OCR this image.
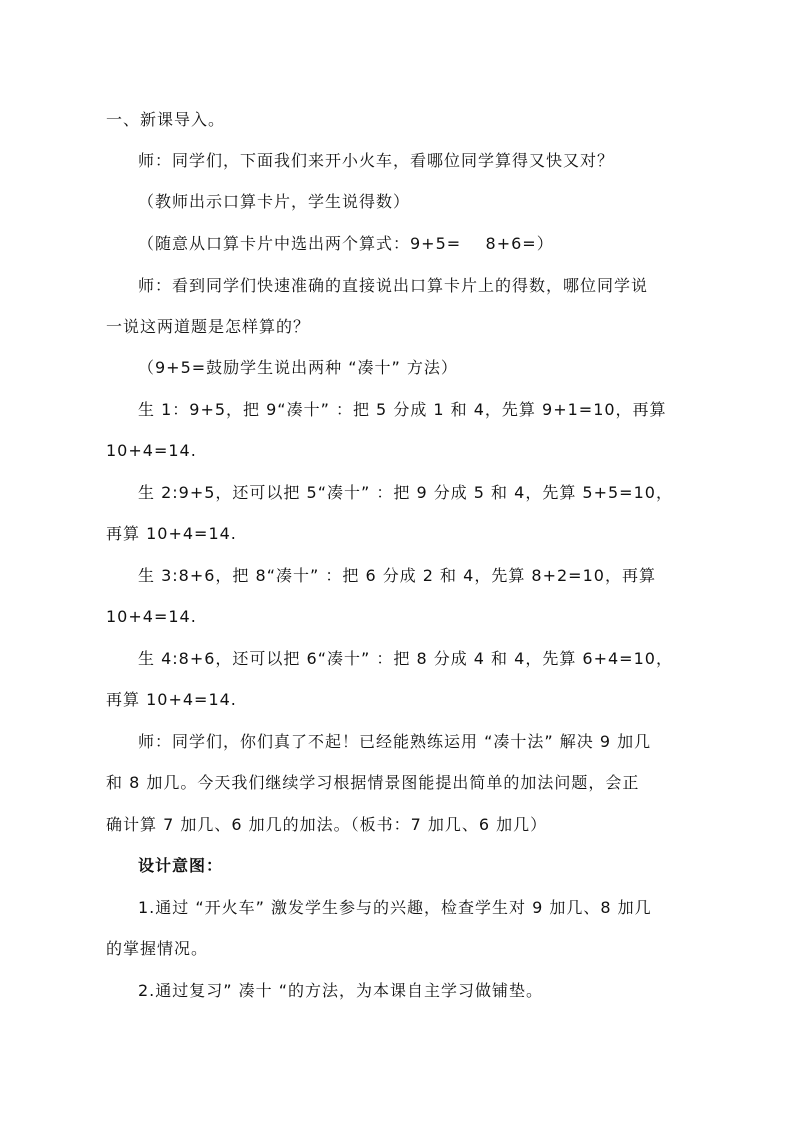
一、新课导入。
师：同学们，下面我们来开小火车，看哪位同学算得又快又对？
（教师出示口算卡片，学生说得数）
（随意从口算卡片中选出两个算式：9+5=    8+6=）
师：看到同学们快速准确的直接说出口算卡片上的得数，哪位同学说
一说这两道题是怎样算的？
（9+5=鼓励学生说出两种 “凑十” 方法）
生 1：9+5，把 9“凑十” ：把 5 分成 1 和 4，先算 9+1=10，再算
10+4=14.
生 2:9+5，还可以把 5“凑十” ：把 9 分成 5 和 4，先算 5+5=10，
再算 10+4=14.
生 3:8+6，把 8“凑十” ：把 6 分成 2 和 4，先算 8+2=10，再算
10+4=14.
生 4:8+6，还可以把 6“凑十” ：把 8 分成 4 和 4，先算 6+4=10，
再算 10+4=14.
师：同学们，你们真了不起！已经能熟练运用 “凑十法” 解决 9 加几
和 8 加几。今天我们继续学习根据情景图能提出简单的加法问题，会正
确计算 7 加几、6 加几的加法。（板书：7 加几、6 加几）
设计意图：
1.通过 “开火车” 激发学生参与的兴趣，检查学生对 9 加几、8 加几
的掌握情况。
2.通过复习” 凑十 “的方法，为本课自主学习做铺垫。
